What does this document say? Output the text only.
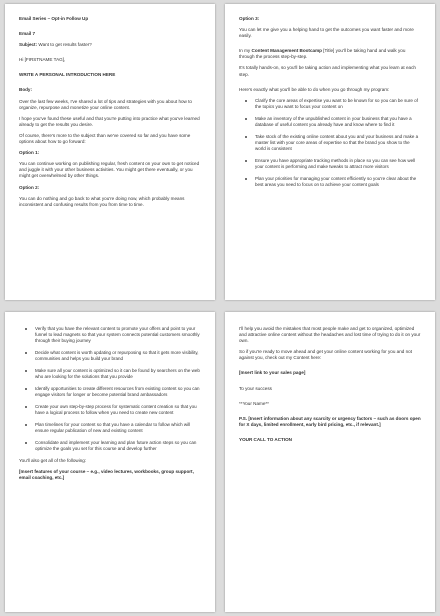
Email Series – Opt-in Follow Up

Email 7

Subject: Want to get results faster?

Hi [FIRSTNAME TAG],

WRITE A PERSONAL INTRODUCTION HERE

Body:

Over the last few weeks, I've shared a lot of tips and strategies with you about how to organize, repurpose and monetize your online content.

I hope you've found these useful and that you're putting into practice what you've learned already to get the results you desire.

Of course, there's more to the subject than we've covered so far and you have some options about how to go forward:

Option 1:

You can continue working on publishing regular, fresh content on your own to get noticed and juggle it with your other business activities. You might get there eventually, or you might get overwhelmed by other things.

Option 2:

You can do nothing and go back to what you're doing now, which probably means inconsistent and confusing results from you from time to time.

Option 3:

You can let me give you a helping hand to get the outcomes you want faster and more easily.

In my Content Management Bootcamp [Title] you'll be taking hand and walk you through the process step-by-step.

It's totally hands-on, so you'll be taking action and implementing what you learn at each step.

Here's exactly what you'll be able to do when you go through my program:

Clarify the core areas of expertise you want to be known for so you can be sure of the topics you want to focus your content on
Make an inventory of the unpublished content in your business that you have a database of useful content you already have and know where to find it
Take stock of the existing online content about you and your business and make a master list with your core areas of expertise so that the brand you show to the world is consistent
Ensure you have appropriate tracking methods in place so you can see how well your content is performing and make tweaks to attract more visitors
Plan your priorities for managing your content efficiently so you're clear about the best areas you need to focus on to achieve your content goals
Verify that you have the relevant content to promote your offers and point to your funnel to lead magnets so that your system connects potential customers smoothly through their buying journey
Decide what content is worth updating or repurposing so that it gets more visibility, communities and helps you build your brand
Make sure all your content is optimized so it can be found by searchers on the web who are looking for the solutions that you provide
Identify opportunities to create different resources from existing content so you can engage visitors for longer or become potential brand ambassadors
Create your own step-by-step process for systematic content creation so that you have a logical process to follow when you need to create new content
Plan timelines for your content so that you have a calendar to follow which will ensure regular publication of new and existing content
Consolidate and implement your learning and plan future action steps so you can optimize the goals you set for this course and develop further

You'll also get all of the following:

[Insert features of your course – e.g., video lectures, workbooks, group support, email coaching, etc.]

I'll help you avoid the mistakes that most people make and get to organized, optimized and attractive online content without the headaches and lost time of trying to do it on your own.

So if you're ready to move ahead and get your online content working for you and not against you, check out my Content here:

[Insert link to your sales page]

To your success

**Your Name**

P.S. [Insert information about any scarcity or urgency factors – such as doors open for X days, limited enrollment, early bird pricing, etc., if relevant.]

YOUR CALL TO ACTION
